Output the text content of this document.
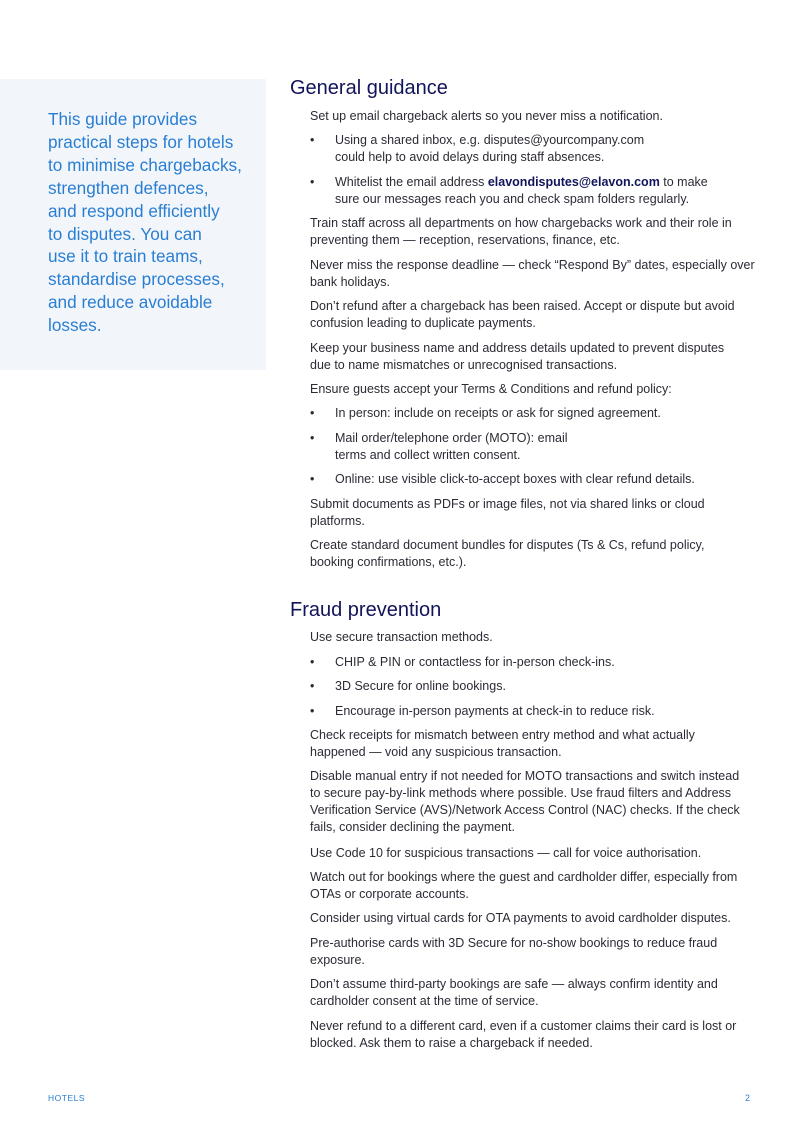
This guide provides
practical steps for hotels
to minimise chargebacks,
strengthen defences,
and respond efficiently
to disputes. You can
use it to train teams,
standardise processes,
and reduce avoidable
losses.
General guidance
Set up email chargeback alerts so you never miss a notification.
• Using a shared inbox, e.g. disputes@yourcompany.com
could help to avoid delays during staff absences.
• Whitelist the email address elavondisputes@elavon.com to make
sure our messages reach you and check spam folders regularly.
Train staff across all departments on how chargebacks work and their role in
preventing them — reception, reservations, finance, etc.
Never miss the response deadline — check “Respond By” dates, especially over
bank holidays.
Don’t refund after a chargeback has been raised. Accept or dispute but avoid
confusion leading to duplicate payments.
Keep your business name and address details updated to prevent disputes
due to name mismatches or unrecognised transactions.
Ensure guests accept your Terms & Conditions and refund policy:
• In person: include on receipts or ask for signed agreement.
• Mail order/telephone order (MOTO): email
terms and collect written consent.
• Online: use visible click-to-accept boxes with clear refund details.
Submit documents as PDFs or image files, not via shared links or cloud
platforms.
Create standard document bundles for disputes (Ts & Cs, refund policy,
booking confirmations, etc.).
Fraud prevention
Use secure transaction methods.
• CHIP & PIN or contactless for in-person check-ins.
• 3D Secure for online bookings.
• Encourage in-person payments at check-in to reduce risk.
Check receipts for mismatch between entry method and what actually
happened — void any suspicious transaction.
Disable manual entry if not needed for MOTO transactions and switch instead
to secure pay-by-link methods where possible. Use fraud filters and Address
Verification Service (AVS)/Network Access Control (NAC) checks. If the check
fails, consider declining the payment.
Use Code 10 for suspicious transactions — call for voice authorisation.
Watch out for bookings where the guest and cardholder differ, especially from
OTAs or corporate accounts.
Consider using virtual cards for OTA payments to avoid cardholder disputes.
Pre-authorise cards with 3D Secure for no-show bookings to reduce fraud
exposure.
Don’t assume third-party bookings are safe — always confirm identity and
cardholder consent at the time of service.
Never refund to a different card, even if a customer claims their card is lost or
blocked. Ask them to raise a chargeback if needed.
HOTELS	2
